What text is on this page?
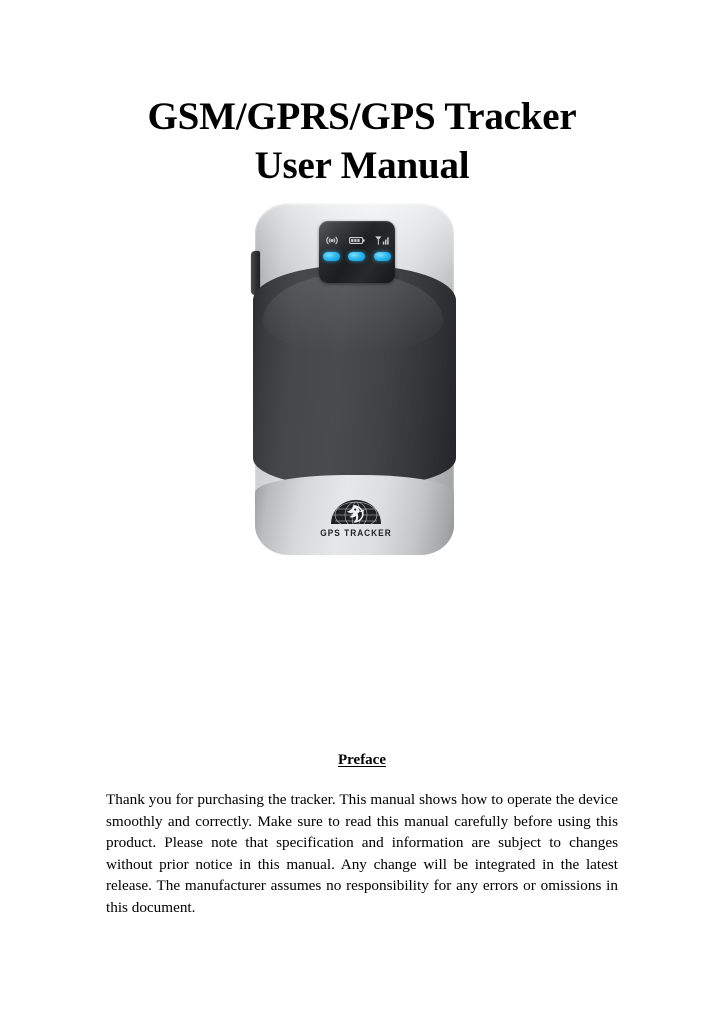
GSM/GPRS/GPS Tracker
User Manual
GPS TRACKER
Preface
Thank you for purchasing the tracker. This manual shows how to operate the device smoothly and correctly. Make sure to read this manual carefully before using this product. Please note that specification and information are subject to changes without prior notice in this manual. Any change will be integrated in the latest release. The manufacturer assumes no responsibility for any errors or omissions in this document.
